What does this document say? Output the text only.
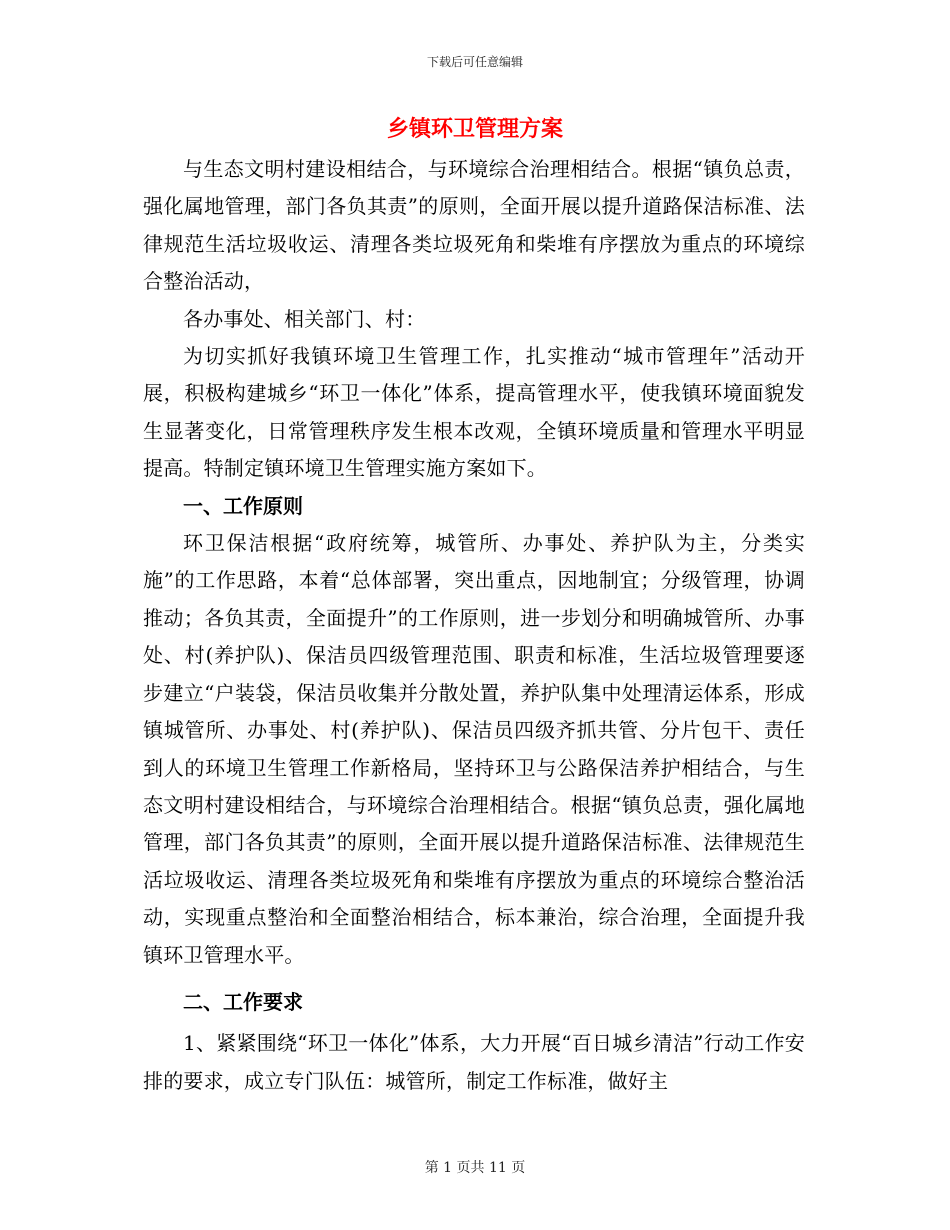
下载后可任意编辑
乡镇环卫管理方案

与生态文明村建设相结合，与环境综合治理相结合。根据“镇负总责，强化属地管理，部门各负其责”的原则，全面开展以提升道路保洁标准、法律规范生活垃圾收运、清理各类垃圾死角和柴堆有序摆放为重点的环境综合整治活动，

各办事处、相关部门、村：

为切实抓好我镇环境卫生管理工作，扎实推动“城市管理年”活动开展，积极构建城乡“环卫一体化”体系，提高管理水平，使我镇环境面貌发生显著变化，日常管理秩序发生根本改观，全镇环境质量和管理水平明显提高。特制定镇环境卫生管理实施方案如下。

一、工作原则

环卫保洁根据“政府统筹，城管所、办事处、养护队为主，分类实施”的工作思路，本着“总体部署，突出重点，因地制宜；分级管理，协调推动；各负其责，全面提升”的工作原则，进一步划分和明确城管所、办事处、村(养护队)、保洁员四级管理范围、职责和标准，生活垃圾管理要逐步建立“户装袋，保洁员收集并分散处置，养护队集中处理清运体系，形成镇城管所、办事处、村(养护队)、保洁员四级齐抓共管、分片包干、责任到人的环境卫生管理工作新格局，坚持环卫与公路保洁养护相结合，与生态文明村建设相结合，与环境综合治理相结合。根据“镇负总责，强化属地管理，部门各负其责”的原则，全面开展以提升道路保洁标准、法律规范生活垃圾收运、清理各类垃圾死角和柴堆有序摆放为重点的环境综合整治活动，实现重点整治和全面整治相结合，标本兼治，综合治理，全面提升我镇环卫管理水平。

二、工作要求

1、紧紧围绕“环卫一体化”体系，大力开展“百日城乡清洁”行动工作安排的要求，成立专门队伍：城管所，制定工作标准，做好主

第 1 页共 11 页
